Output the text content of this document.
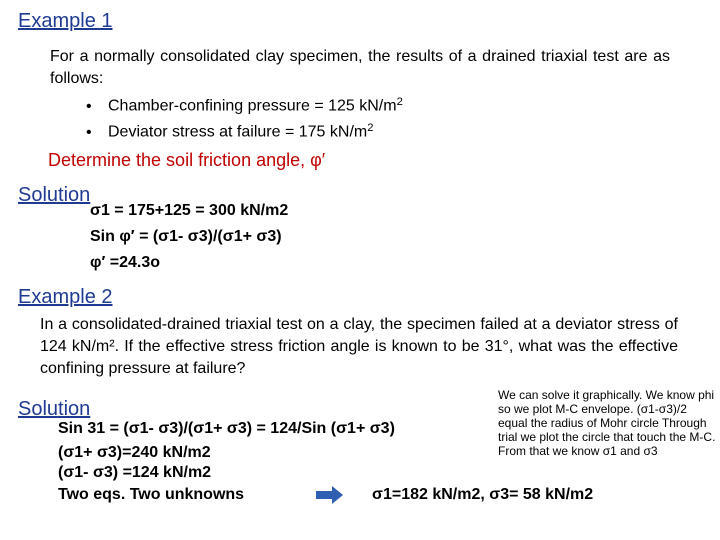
Example 1
For a normally consolidated clay specimen, the results of a drained triaxial test are as follows:
• Chamber-confining pressure = 125 $kN/m^2$
• Deviator stress at failure = 175 $kN/m^2$
Determine the soil friction angle, φ′
Solution
σ1 = 175+125 = 300 kN/m2
Sin φ′ = (σ1- σ3)/(σ1+ σ3)
φ′ =24.3o
Example 2
In a consolidated-drained triaxial test on a clay, the specimen failed at a deviator stress of 124 kN/m². If the effective stress friction angle is known to be 31°, what was the effective confining pressure at failure?
Solution
Sin 31 = (σ1- σ3)/(σ1+ σ3) = 124/Sin (σ1+ σ3)
(σ1+ σ3)=240 kN/m2
(σ1- σ3) =124 kN/m2
Two eqs. Two unknowns
We can solve it graphically. We know phi so we plot M-C envelope. (σ1-σ3)/2 equal the radius of Mohr circle Through trial we plot the circle that touch the M-C. From that we know σ1 and σ3
σ1=182 kN/m2, σ3= 58 kN/m2
